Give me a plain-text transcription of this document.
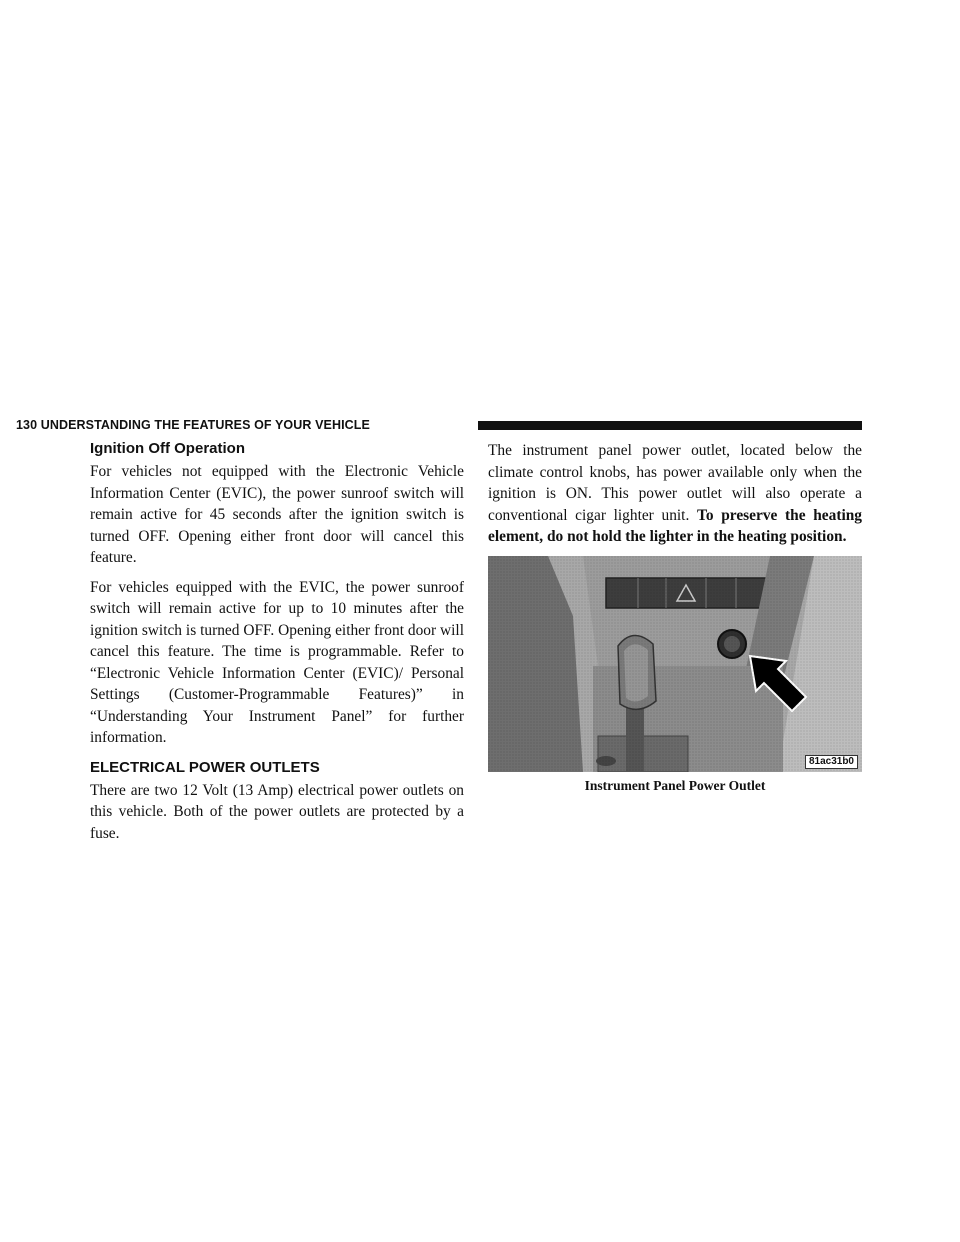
130 UNDERSTANDING THE FEATURES OF YOUR VEHICLE
Ignition Off Operation

For vehicles not equipped with the Electronic Vehicle Information Center (EVIC), the power sunroof switch will remain active for 45 seconds after the ignition switch is turned OFF. Opening either front door will cancel this feature.

For vehicles equipped with the EVIC, the power sunroof switch will remain active for up to 10 minutes after the ignition switch is turned OFF. Opening either front door will cancel this feature. The time is programmable. Refer to “Electronic Vehicle Information Center (EVIC)/ Personal Settings (Customer-Programmable Features)” in “Understanding Your Instrument Panel” for further information.

ELECTRICAL POWER OUTLETS

There are two 12 Volt (13 Amp) electrical power outlets on this vehicle. Both of the power outlets are protected by a fuse.

The instrument panel power outlet, located below the climate control knobs, has power available only when the ignition is ON. This power outlet will also operate a conventional cigar lighter unit. To preserve the heating element, do not hold the lighter in the heating position.

81ac31b0
Instrument Panel Power Outlet
